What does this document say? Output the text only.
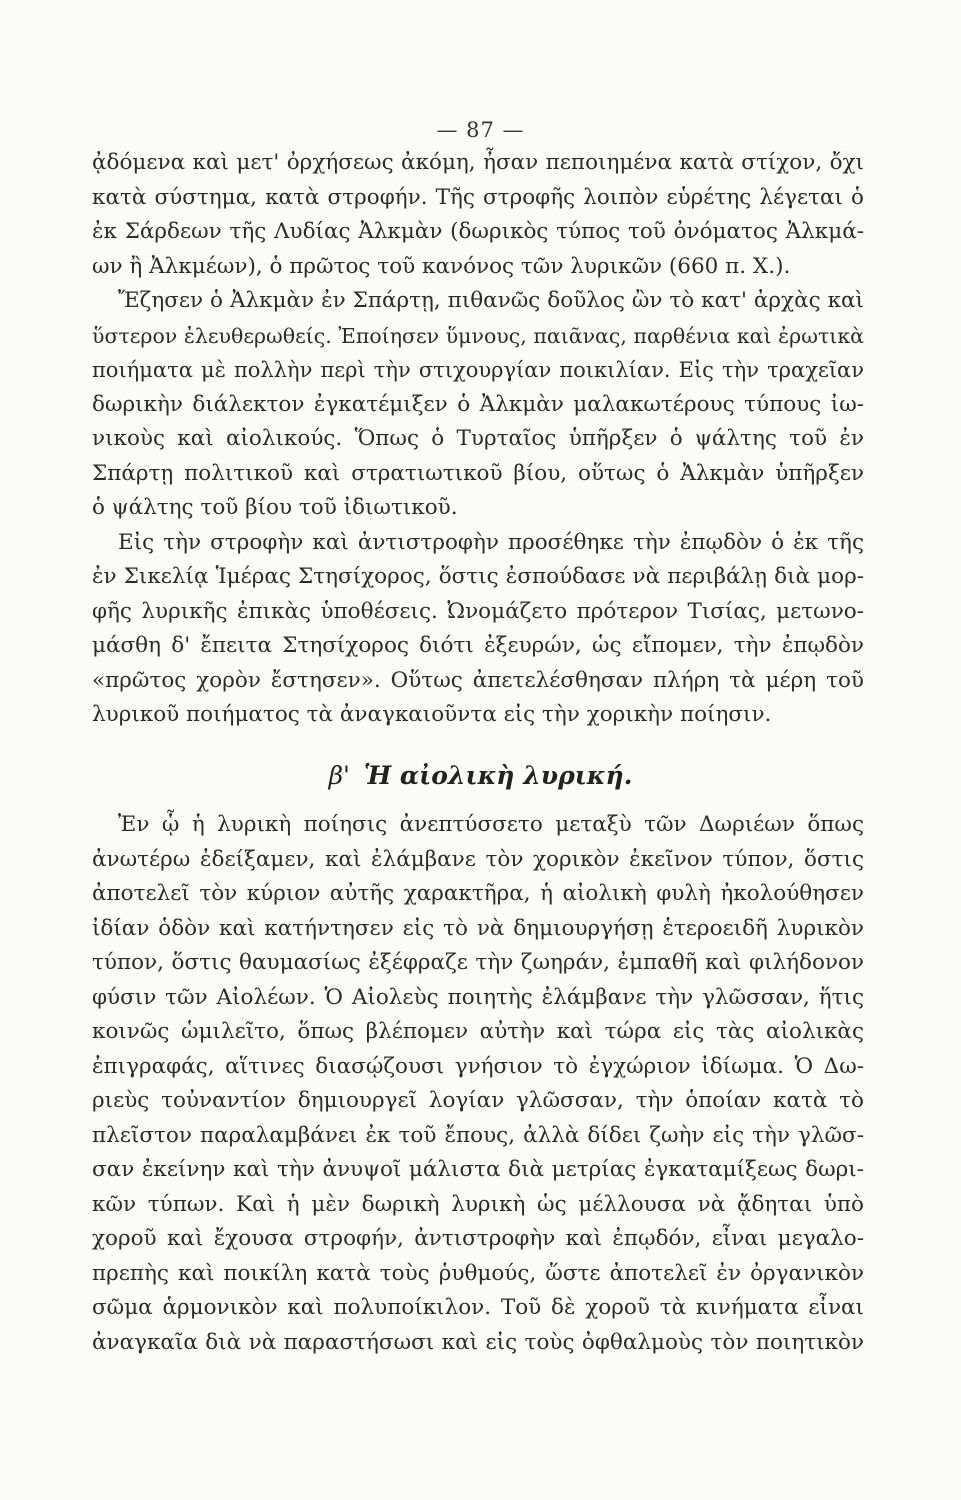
— 87 —
ᾀδόμενα καὶ μετ' ὀρχήσεως ἀκόμη, ἦσαν πεποιημένα κατὰ στίχον, ὄχι
κατὰ σύστημα, κατὰ στροφήν. Τῆς στροφῆς λοιπὸν εὑρέτης λέγεται ὁ
ἐκ Σάρδεων τῆς Λυδίας Ἀλκμὰν (δωρικὸς τύπος τοῦ ὀνόματος Ἀλκμά-
ων ἢ Ἀλκμέων), ὁ πρῶτος τοῦ κανόνος τῶν λυρικῶν (660 π. Χ.).
Ἔζησεν ὁ Ἀλκμὰν ἐν Σπάρτῃ, πιθανῶς δοῦλος ὢν τὸ κατ' ἀρχὰς καὶ
ὕστερον ἐλευθερωθείς. Ἐποίησεν ὕμνους, παιᾶνας, παρθένια καὶ ἐρωτικὰ
ποιήματα μὲ πολλὴν περὶ τὴν στιχουργίαν ποικιλίαν. Εἰς τὴν τραχεῖαν
δωρικὴν διάλεκτον ἐγκατέμιξεν ὁ Ἀλκμὰν μαλακωτέρους τύπους ἰω-
νικοὺς καὶ αἰολικούς. Ὅπως ὁ Τυρταῖος ὑπῆρξεν ὁ ψάλτης τοῦ ἐν
Σπάρτῃ πολιτικοῦ καὶ στρατιωτικοῦ βίου, οὕτως ὁ Ἀλκμὰν ὑπῆρξεν
ὁ ψάλτης τοῦ βίου τοῦ ἰδιωτικοῦ.
Εἰς τὴν στροφὴν καὶ ἀντιστροφὴν προσέθηκε τὴν ἐπῳδὸν ὁ ἐκ τῆς
ἐν Σικελίᾳ Ἱμέρας Στησίχορος, ὅστις ἐσπούδασε νὰ περιβάλῃ διὰ μορ-
φῆς λυρικῆς ἐπικὰς ὑποθέσεις. Ὠνομάζετο πρότερον Τισίας, μετωνο-
μάσθη δ' ἔπειτα Στησίχορος διότι ἐξευρών, ὡς εἴπομεν, τὴν ἐπῳδὸν
«πρῶτος χορὸν ἔστησεν». Οὕτως ἀπετελέσθησαν πλήρη τὰ μέρη τοῦ
λυρικοῦ ποιήματος τὰ ἀναγκαιοῦντα εἰς τὴν χορικὴν ποίησιν.
β' Ἡ αἰολικὴ λυρική.
Ἐν ᾧ ἡ λυρικὴ ποίησις ἀνεπτύσσετο μεταξὺ τῶν Δωριέων ὅπως
ἀνωτέρω ἐδείξαμεν, καὶ ἐλάμβανε τὸν χορικὸν ἐκεῖνον τύπον, ὅστις
ἀποτελεῖ τὸν κύριον αὐτῆς χαρακτῆρα, ἡ αἰολικὴ φυλὴ ἠκολούθησεν
ἰδίαν ὁδὸν καὶ κατήντησεν εἰς τὸ νὰ δημιουργήσῃ ἑτεροειδῆ λυρικὸν
τύπον, ὅστις θαυμασίως ἐξέφραζε τὴν ζωηράν, ἐμπαθῆ καὶ φιλήδονον
φύσιν τῶν Αἰολέων. Ὁ Αἰολεὺς ποιητὴς ἐλάμβανε τὴν γλῶσσαν, ἥτις
κοινῶς ὡμιλεῖτο, ὅπως βλέπομεν αὐτὴν καὶ τώρα εἰς τὰς αἰολικὰς
ἐπιγραφάς, αἵτινες διασῴζουσι γνήσιον τὸ ἐγχώριον ἰδίωμα. Ὁ Δω-
ριεὺς τοὐναντίον δημιουργεῖ λογίαν γλῶσσαν, τὴν ὁποίαν κατὰ τὸ
πλεῖστον παραλαμβάνει ἐκ τοῦ ἔπους, ἀλλὰ δίδει ζωὴν εἰς τὴν γλῶσ-
σαν ἐκείνην καὶ τὴν ἀνυψοῖ μάλιστα διὰ μετρίας ἐγκαταμίξεως δωρι-
κῶν τύπων. Καὶ ἡ μὲν δωρικὴ λυρικὴ ὡς μέλλουσα νὰ ᾄδηται ὑπὸ
χοροῦ καὶ ἔχουσα στροφήν, ἀντιστροφὴν καὶ ἐπῳδόν, εἶναι μεγαλο-
πρεπὴς καὶ ποικίλη κατὰ τοὺς ῥυθμούς, ὥστε ἀποτελεῖ ἐν ὀργανικὸν
σῶμα ἁρμονικὸν καὶ πολυποίκιλον. Τοῦ δὲ χοροῦ τὰ κινήματα εἶναι
ἀναγκαῖα διὰ νὰ παραστήσωσι καὶ εἰς τοὺς ὀφθαλμοὺς τὸν ποιητικὸν
